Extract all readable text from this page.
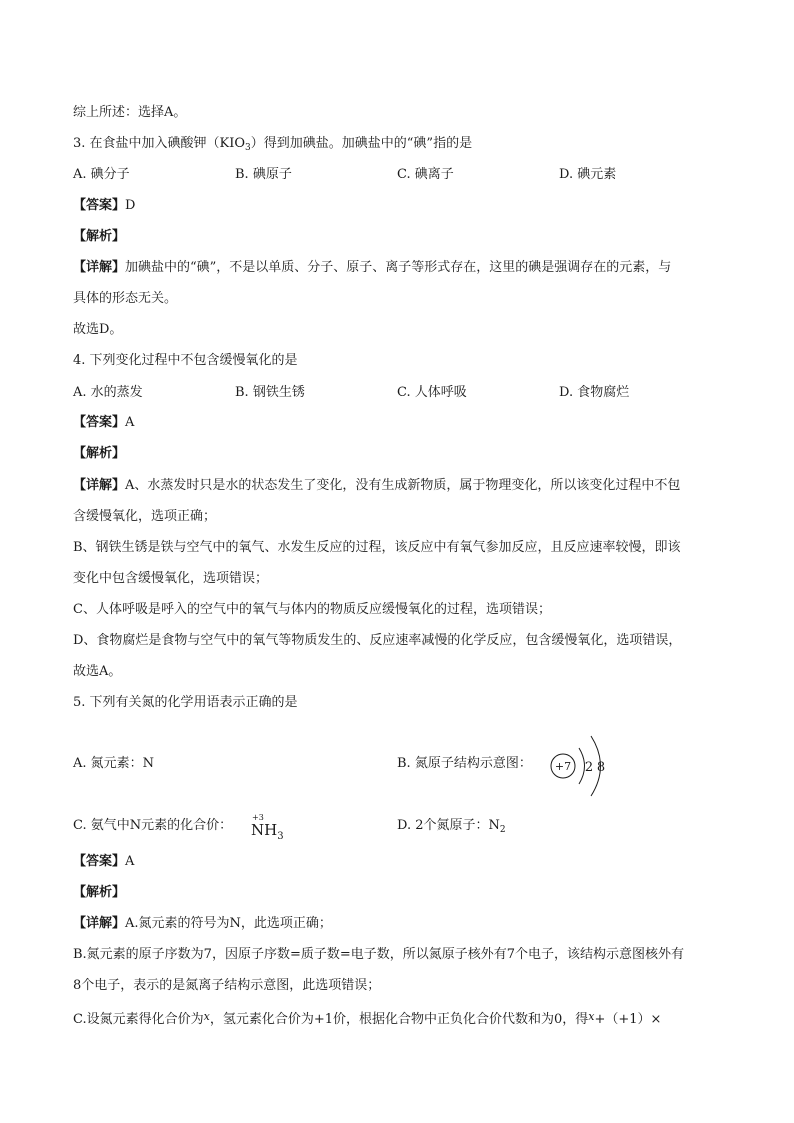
综上所述：选择A。
3. 在食盐中加入碘酸钾$(KIO_3)$得到加碘盐。加碘盐中的“碘”指的是
A. 碘分子	B. 碘原子	C. 碘离子	D. 碘元素
【答案】D
【解析】
【详解】加碘盐中的“碘”，不是以单质、分子、原子、离子等形式存在，这里的碘是强调存在的元素，与
具体的形态无关。
故选D。
4. 下列变化过程中不包含缓慢氧化的是
A. 水的蒸发	B. 钢铁生锈	C. 人体呼吸	D. 食物腐烂
【答案】A
【解析】
【详解】A、水蒸发时只是水的状态发生了变化，没有生成新物质，属于物理变化，所以该变化过程中不包
含缓慢氧化，选项正确；
B、钢铁生锈是铁与空气中的氧气、水发生反应的过程，该反应中有氧气参加反应，且反应速率较慢，即该
变化中包含缓慢氧化，选项错误；
C、人体呼吸是呼入的空气中的氧气与体内的物质反应缓慢氧化的过程，选项错误；
D、食物腐烂是食物与空气中的氧气等物质发生的、反应速率减慢的化学反应，包含缓慢氧化，选项错误，
故选A。
5. 下列有关氮的化学用语表示正确的是
A. 氮元素：N	B. 氮原子结构示意图： +7 2 8
C. 氨气中N元素的化合价：
+3
$NH_3$
D. 2个氮原子：$N_2$
【答案】A
【解析】
【详解】A.氮元素的符号为N，此选项正确；
B.氮元素的原子序数为7，因原子序数=质子数=电子数，所以氮原子核外有7个电子，该结构示意图核外有
8个电子，表示的是氮离子结构示意图，此选项错误；
C.设氮元素得化合价为$^x$，氢元素化合价为+1价，根据化合物中正负化合价代数和为0，得$^x$+（+1）×
